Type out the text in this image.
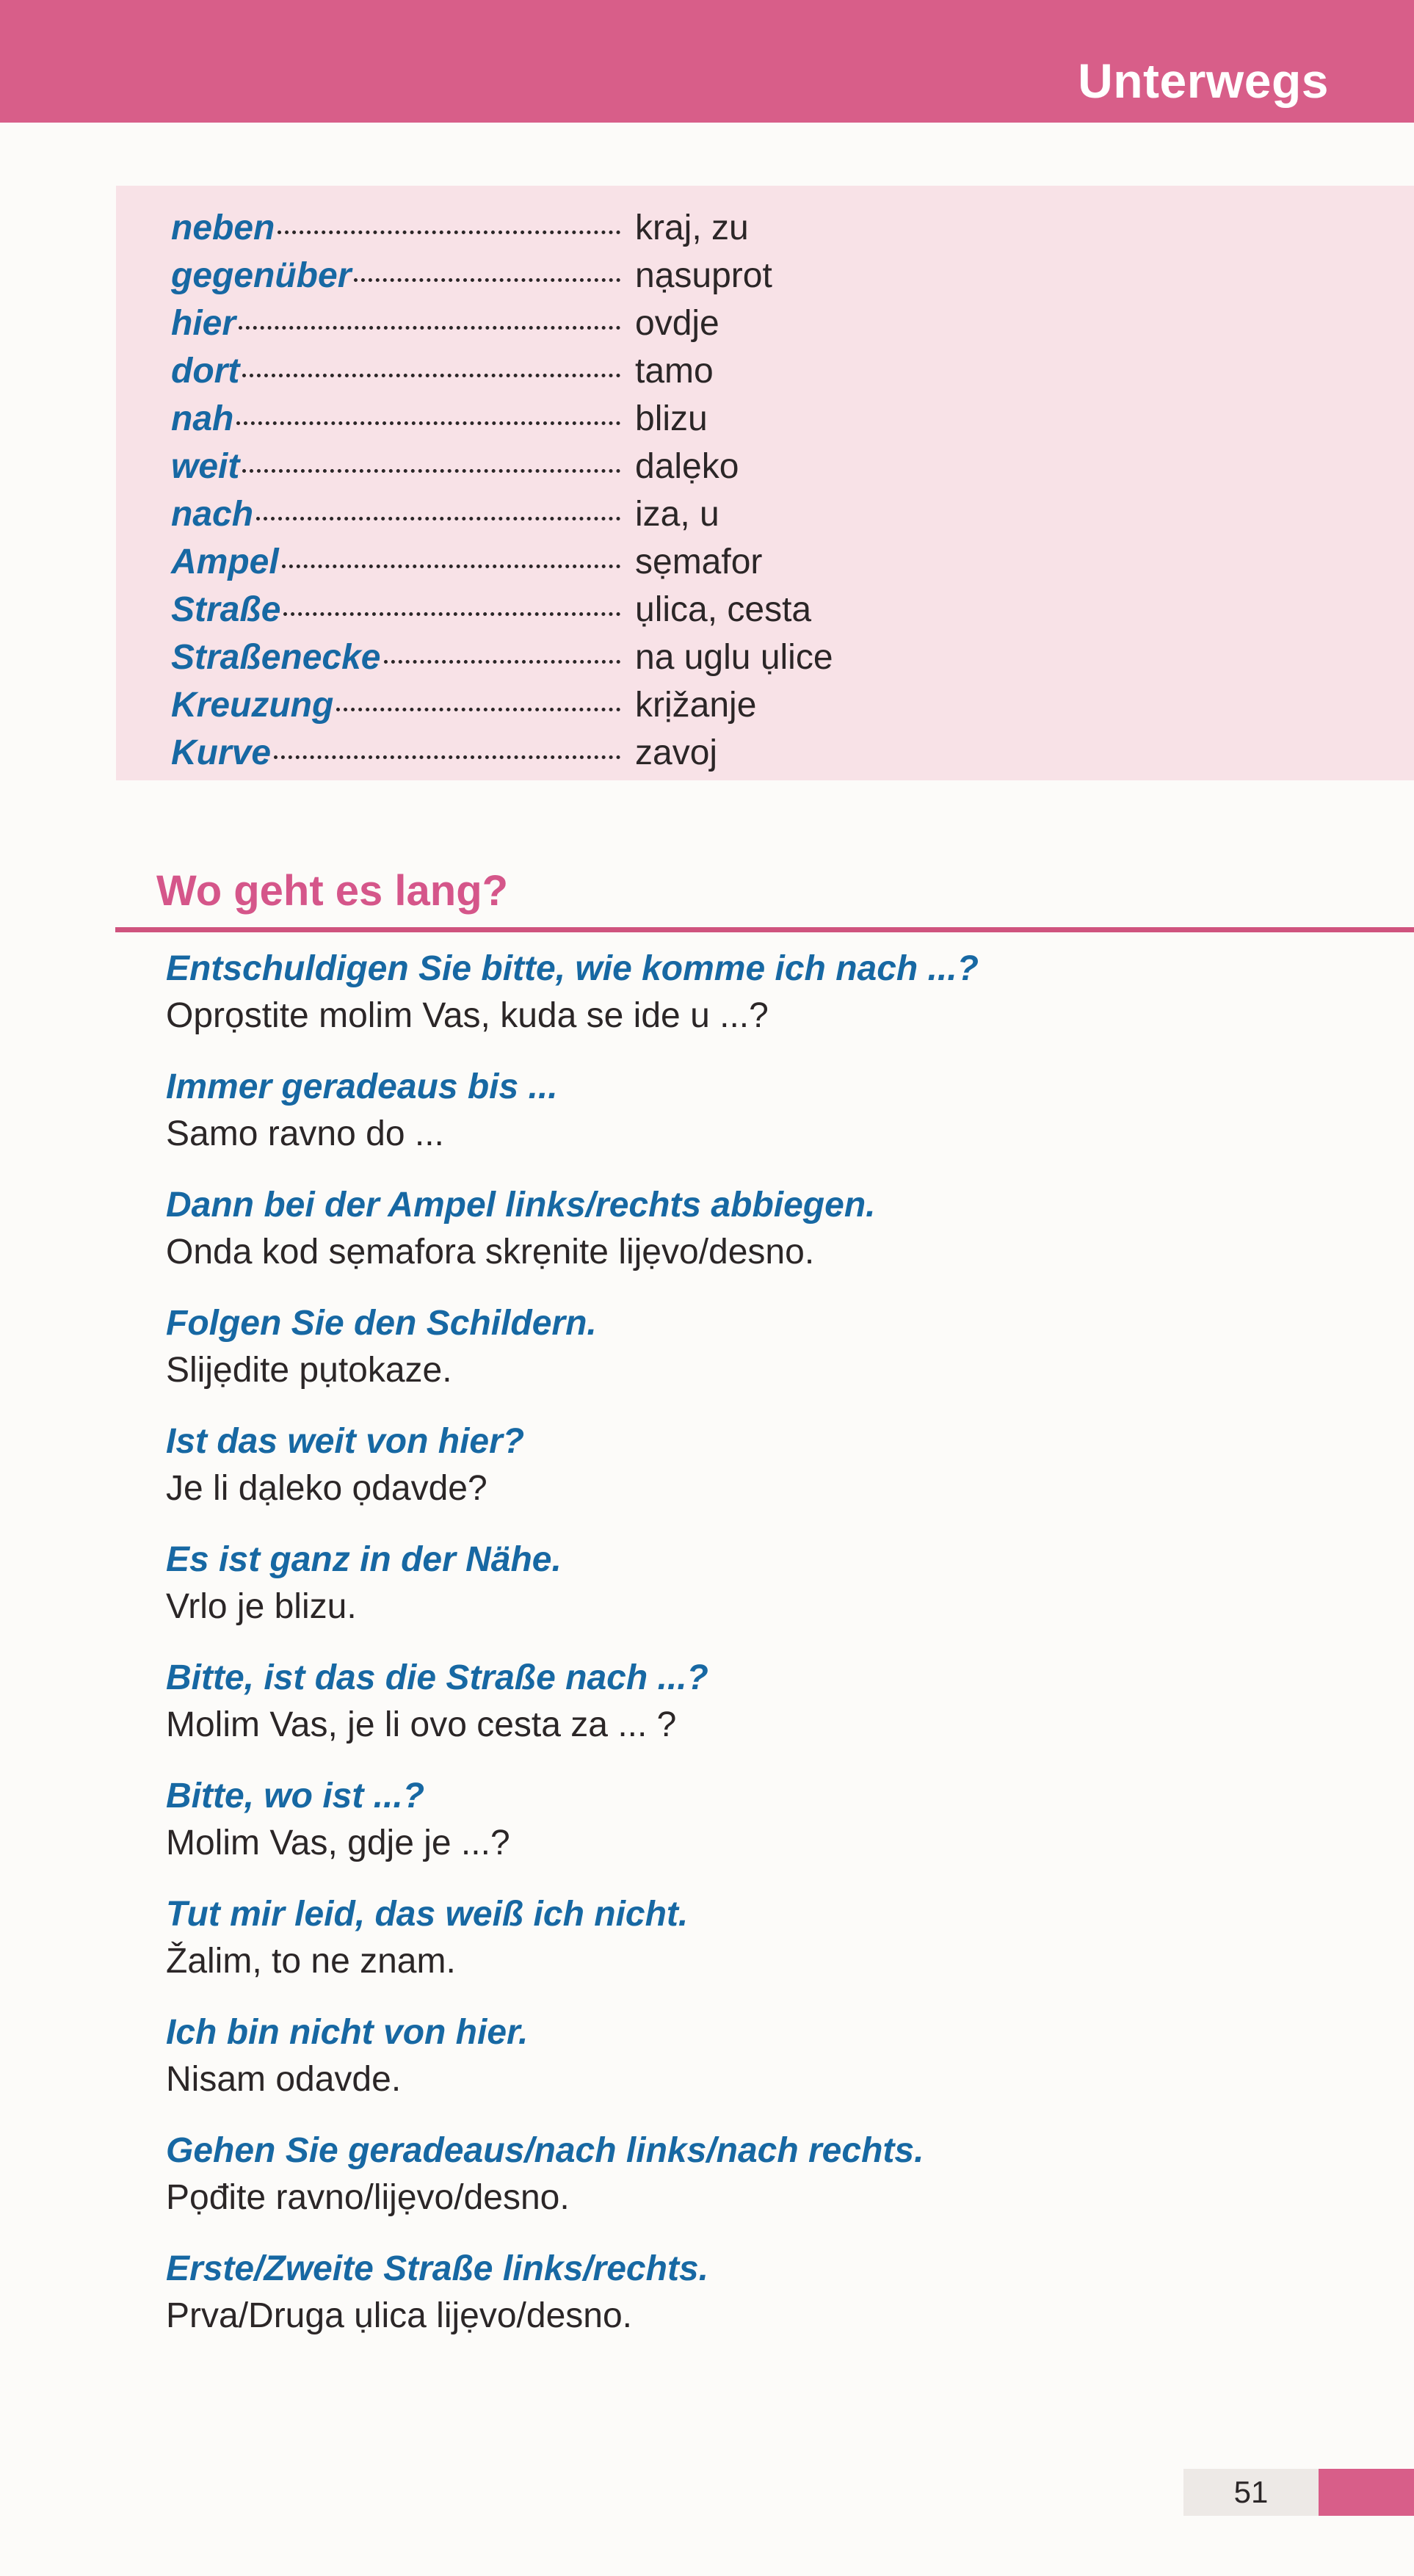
Unterwegs
neben	kraj, zu
gegenüber	nạsuprot
hier	ovdje
dort	tamo
nah	blizu
weit	dalẹko
nach	iza, u
Ampel	sẹmafor
Straße	ụlica, cesta
Straßenecke	na uglu ụlice
Kreuzung	krịžanje
Kurve	zavoj
Wo geht es lang?
Entschuldigen Sie bitte, wie komme ich nach ...?
Oprọstite molim Vas, kuda se ide u ...?
Immer geradeaus bis ...
Samo ravno do ...
Dann bei der Ampel links/rechts abbiegen.
Onda kod sẹmafora skrẹnite lijẹvo/desno.
Folgen Sie den Schildern.
Slijẹdite pụtokaze.
Ist das weit von hier?
Je li dạleko ọdavde?
Es ist ganz in der Nähe.
Vrlo je blizu.
Bitte, ist das die Straße nach ...?
Molim Vas, je li ovo cesta za ... ?
Bitte, wo ist ...?
Molim Vas, gdje je ...?
Tut mir leid, das weiß ich nicht.
Žalim, to ne znam.
Ich bin nicht von hier.
Nisam odavde.
Gehen Sie geradeaus/nach links/nach rechts.
Pọđite ravno/lijẹvo/desno.
Erste/Zweite Straße links/rechts.
Prva/Druga ụlica lijẹvo/desno.
51
